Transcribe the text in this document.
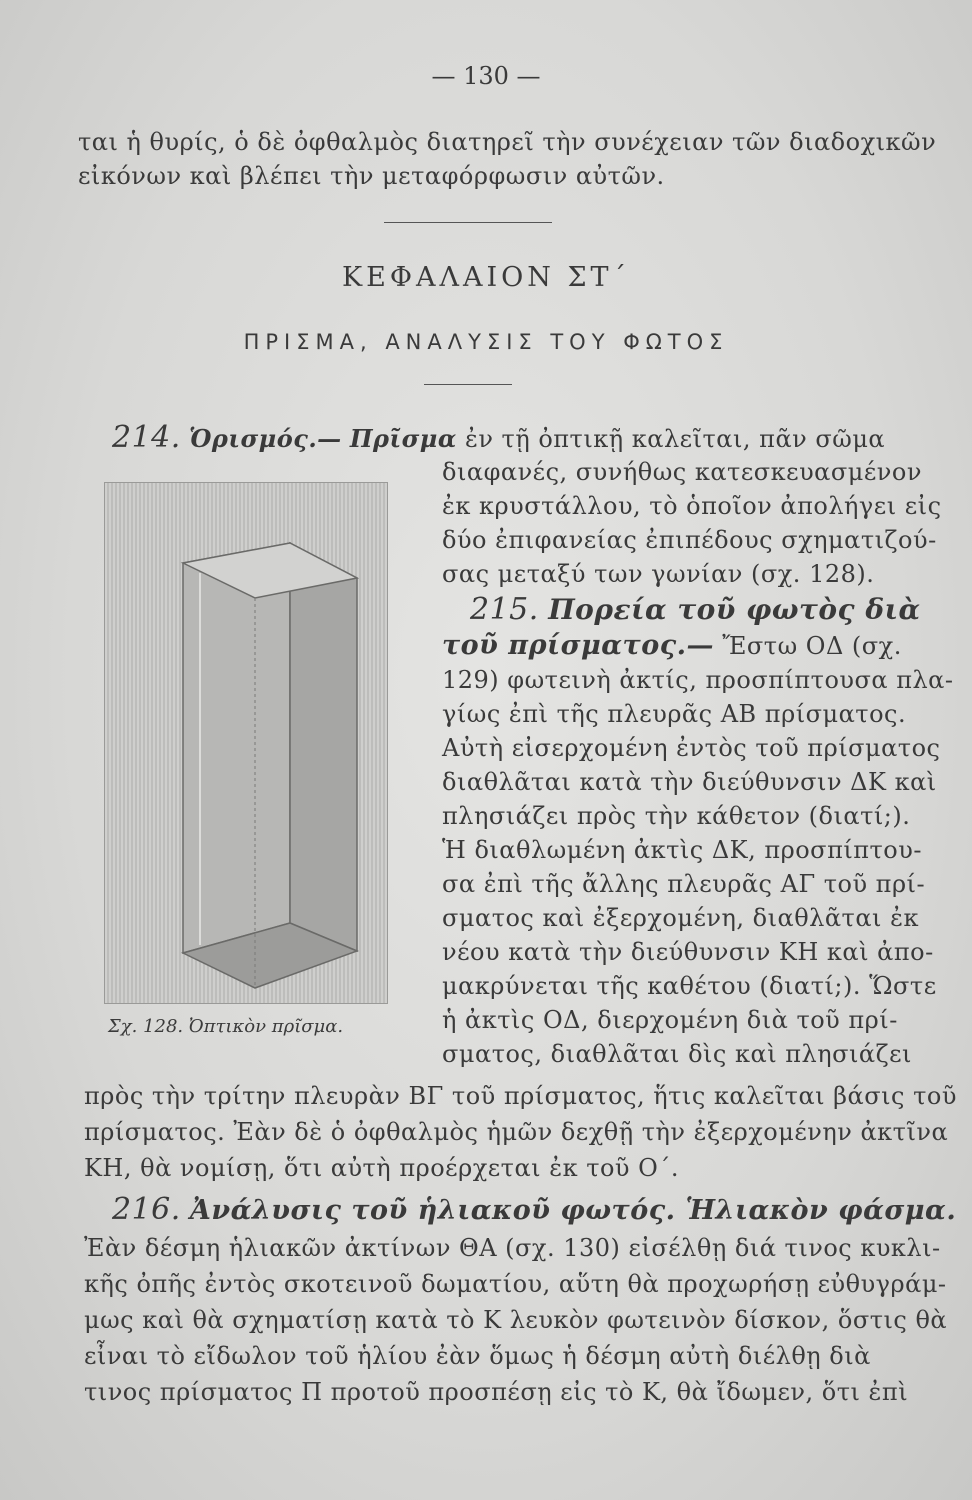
— 130 —
ται ἡ θυρίς, ὁ δὲ ὀφθαλμὸς διατηρεῖ τὴν συνέχειαν τῶν διαδοχικῶν
εἰκόνων καὶ βλέπει τὴν μεταφόρφωσιν αὐτῶν.
ΚΕΦΑΛΑΙΟΝ ΣΤ΄
ΠΡΙΣΜΑ, ΑΝΑΛΥΣΙΣ ΤΟΥ ΦΩΤΟΣ
214. Ὁρισμός.— Πρῖσμα ἐν τῇ ὀπτικῇ καλεῖται, πᾶν σῶμα
διαφανές, συνήθως κατεσκευασμένον
ἐκ κρυστάλλου, τὸ ὁποῖον ἀπολήγει εἰς
δύο ἐπιφανείας ἐπιπέδους σχηματιζού-
σας μεταξύ των γωνίαν (σχ. 128).
215. Πορεία τοῦ φωτὸς διὰ
τοῦ πρίσματος.— Ἔστω ΟΔ (σχ.
129) φωτεινὴ ἀκτίς, προσπίπτουσα πλα-
γίως ἐπὶ τῆς πλευρᾶς ΑΒ πρίσματος.
Αὐτὴ εἰσερχομένη ἐντὸς τοῦ πρίσματος
διαθλᾶται κατὰ τὴν διεύθυνσιν ΔΚ καὶ
πλησιάζει πρὸς τὴν κάθετον (διατί;).
Ἡ διαθλωμένη ἀκτὶς ΔΚ, προσπίπτου-
σα ἐπὶ τῆς ἄλλης πλευρᾶς ΑΓ τοῦ πρί-
σματος καὶ ἐξερχομένη, διαθλᾶται ἐκ
νέου κατὰ τὴν διεύθυνσιν ΚΗ καὶ ἀπο-
μακρύνεται τῆς καθέτου (διατί;). Ὥστε
ἡ ἀκτὶς ΟΔ, διερχομένη διὰ τοῦ πρί-
σματος, διαθλᾶται δὶς καὶ πλησιάζει
πρὸς τὴν τρίτην πλευρὰν ΒΓ τοῦ πρίσματος, ἥτις καλεῖται βάσις τοῦ
πρίσματος. Ἐὰν δὲ ὁ ὀφθαλμὸς ἡμῶν δεχθῇ τὴν ἐξερχομένην ἀκτῖνα
ΚΗ, θὰ νομίσῃ, ὅτι αὐτὴ προέρχεται ἐκ τοῦ Ο΄.
216. Ἀνάλυσις τοῦ ἡλιακοῦ φωτός. Ἡλιακὸν φάσμα.
Ἐὰν δέσμη ἡλιακῶν ἀκτίνων ΘΑ (σχ. 130) εἰσέλθῃ διά τινος κυκλι-
κῆς ὀπῆς ἐντὸς σκοτεινοῦ δωματίου, αὕτη θὰ προχωρήσῃ εὐθυγράμ-
μως καὶ θὰ σχηματίσῃ κατὰ τὸ Κ λευκὸν φωτεινὸν δίσκον, ὅστις θὰ
εἶναι τὸ εἴδωλον τοῦ ἡλίου ἐὰν ὅμως ἡ δέσμη αὐτὴ διέλθῃ διὰ
τινος πρίσματος Π προτοῦ προσπέσῃ εἰς τὸ Κ, θὰ ἴδωμεν, ὅτι ἐπὶ
Σχ. 128. Ὀπτικὸν πρῖσμα.
